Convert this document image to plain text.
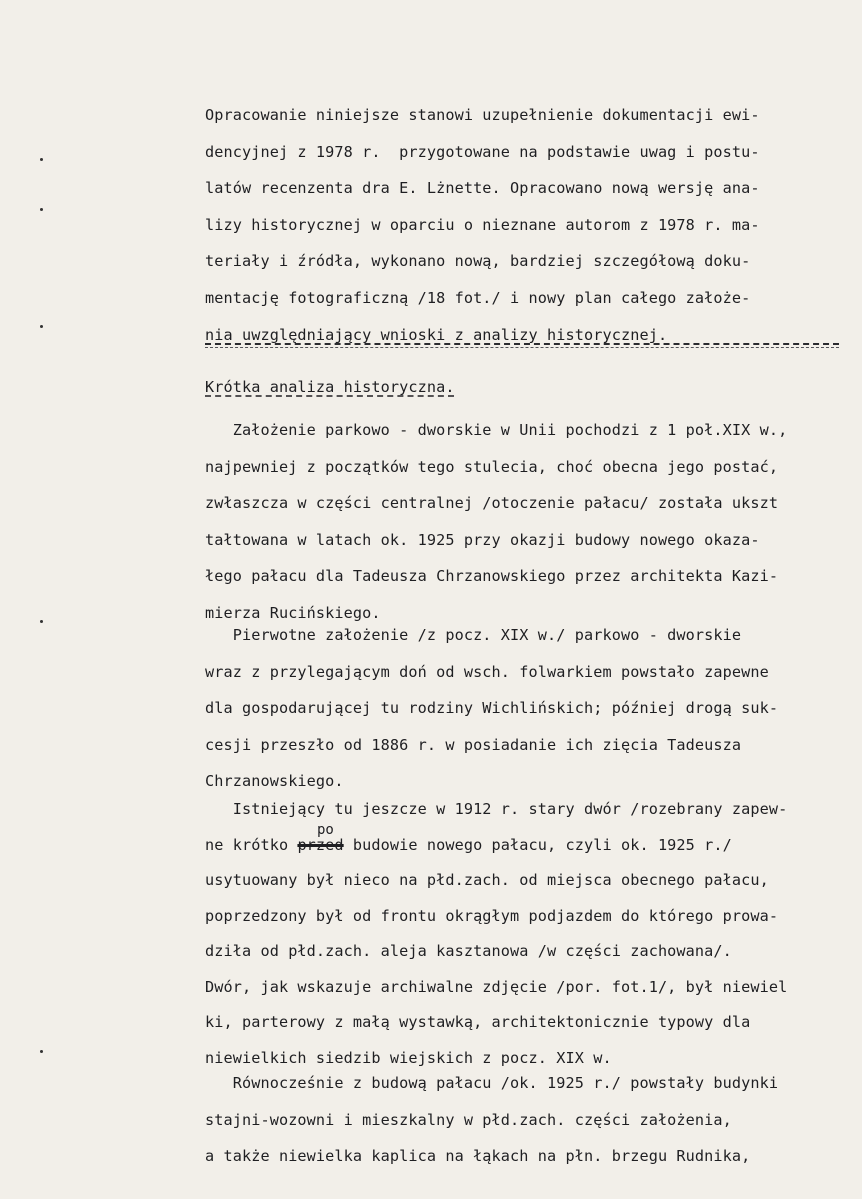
Opracowanie niniejsze stanowi uzupełnienie dokumentacji ewi-
dencyjnej z 1978 r.  przygotowane na podstawie uwag i postu-
latów recenzenta dra E. Lżnette. Opracowano nową wersję ana-
lizy historycznej w oparciu o nieznane autorom z 1978 r. ma-
teriały i źródła, wykonano nową, bardziej szczegółową doku-
mentację fotograficzną /18 fot./ i nowy plan całego założe-
nia uwzględniający wnioski z analizy historycznej.
Krótka analiza historyczna.
Założenie parkowo - dworskie w Unii pochodzi z 1 poł.XIX w.,
najpewniej z początków tego stulecia, choć obecna jego postać,
zwłaszcza w części centralnej /otoczenie pałacu/ została ukszt
tałtowana w latach ok. 1925 przy okazji budowy nowego okaza-
łego pałacu dla Tadeusza Chrzanowskiego przez architekta Kazi-
mierza Rucińskiego.
Pierwotne założenie /z pocz. XIX w./ parkowo - dworskie
wraz z przylegającym doń od wsch. folwarkiem powstało zapewne
dla gospodarującej tu rodziny Wichlińskich; później drogą suk-
cesji przeszło od 1886 r. w posiadanie ich zięcia Tadeusza
Chrzanowskiego.
Istniejący tu jeszcze w 1912 r. stary dwór /rozebrany zapew-
po
ne krótko przed budowie nowego pałacu, czyli ok. 1925 r./
usytuowany był nieco na płd.zach. od miejsca obecnego pałacu,
poprzedzony był od frontu okrągłym podjazdem do którego prowa-
dziła od płd.zach. aleja kasztanowa /w części zachowana/.
Dwór, jak wskazuje archiwalne zdjęcie /por. fot.1/, był niewiel
ki, parterowy z małą wystawką, architektonicznie typowy dla
niewielkich siedzib wiejskich z pocz. XIX w.
Równocześnie z budową pałacu /ok. 1925 r./ powstały budynki
stajni-wozowni i mieszkalny w płd.zach. części założenia,
a także niewielka kaplica na łąkach na płn. brzegu Rudnika,
